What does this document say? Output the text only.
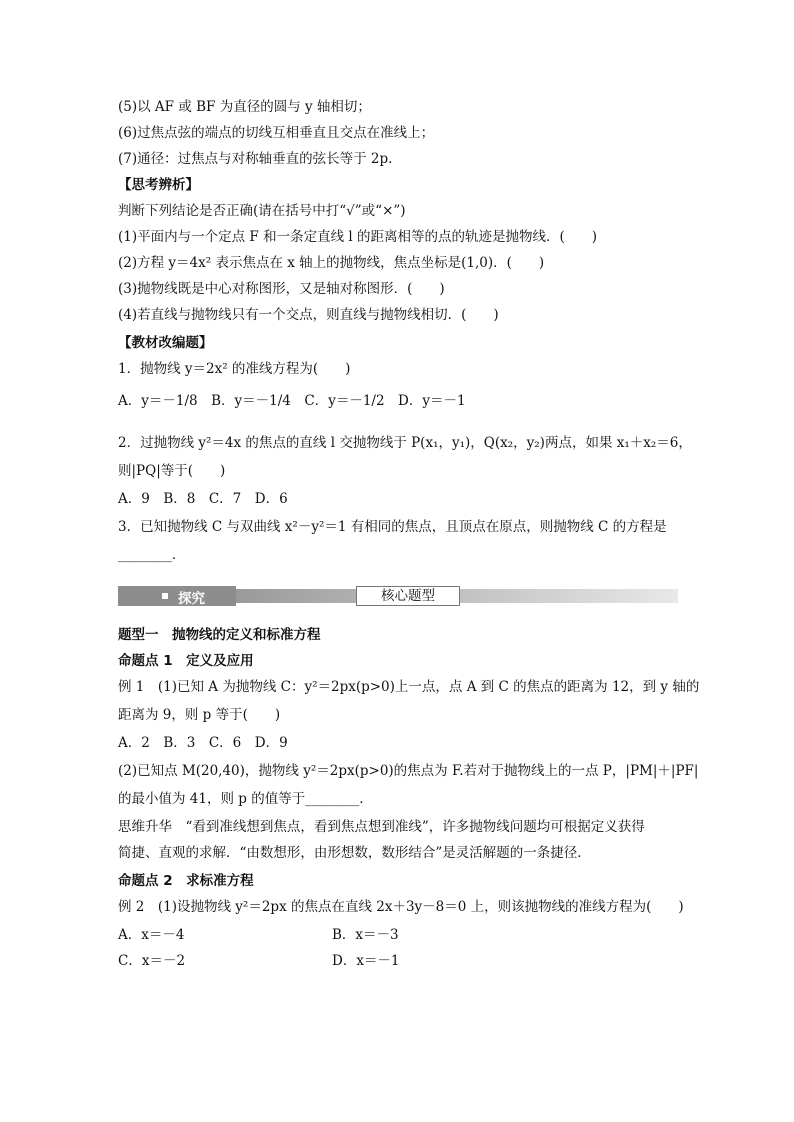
(5)以 AF 或 BF 为直径的圆与 y 轴相切；
(6)过焦点弦的端点的切线互相垂直且交点在准线上；
(7)通径：过焦点与对称轴垂直的弦长等于 2p.
【思考辨析】
判断下列结论是否正确(请在括号中打“√”或“×”)
(1)平面内与一个定点 F 和一条定直线 l 的距离相等的点的轨迹是抛物线．(　　)
(2)方程 y＝4x² 表示焦点在 x 轴上的抛物线，焦点坐标是(1,0)．(　　)
(3)抛物线既是中心对称图形，又是轴对称图形．(　　)
(4)若直线与抛物线只有一个交点，则直线与抛物线相切．(　　)
【教材改编题】
1．抛物线 y＝2x² 的准线方程为(　　)
A．y＝－1/8　B．y＝－1/4　C．y＝－1/2　D．y＝－1
2．过抛物线 y²＝4x 的焦点的直线 l 交抛物线于 P(x₁，y₁)，Q(x₂，y₂)两点，如果 x₁＋x₂＝6，
则|PQ|等于(　　)
A．9　B．8　C．7　D．6
3．已知抛物线 C 与双曲线 x²－y²＝1 有相同的焦点，且顶点在原点，则抛物线 C 的方程是
________．
探究	核心题型
题型一　抛物线的定义和标准方程
命题点 1　定义及应用
例 1　(1)已知 A 为抛物线 C：y²＝2px(p>0)上一点，点 A 到 C 的焦点的距离为 12，到 y 轴的
距离为 9，则 p 等于(　　)
A．2　B．3　C．6　D．9
(2)已知点 M(20,40)，抛物线 y²＝2px(p>0)的焦点为 F.若对于抛物线上的一点 P，|PM|＋|PF|
的最小值为 41，则 p 的值等于________．
思维升华　“看到准线想到焦点，看到焦点想到准线”，许多抛物线问题均可根据定义获得
简捷、直观的求解．“由数想形，由形想数，数形结合”是灵活解题的一条捷径．
命题点 2　求标准方程
例 2　(1)设抛物线 y²＝2px 的焦点在直线 2x＋3y－8＝0 上，则该抛物线的准线方程为(　　)
A．x＝－4	B．x＝－3
C．x＝－2	D．x＝－1
